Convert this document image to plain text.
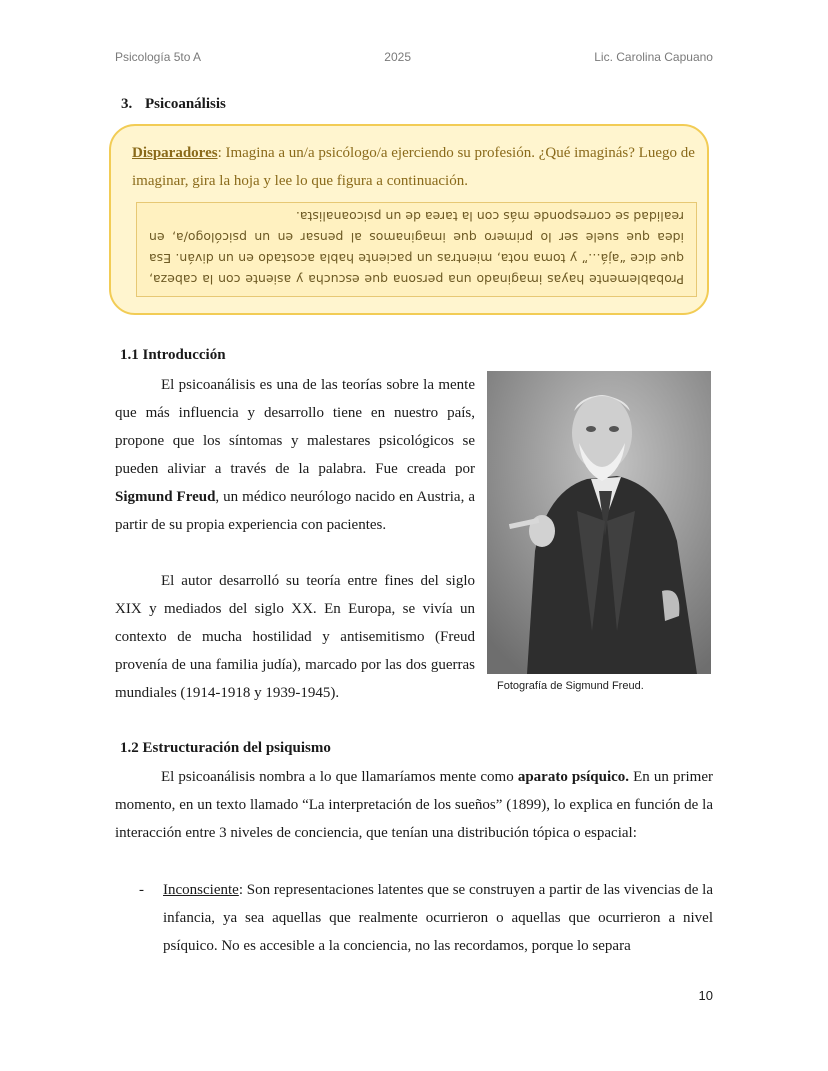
Psicología 5to A	2025	Lic. Carolina Capuano
3. Psicoanálisis
Disparadores: Imagina a un/a psicólogo/a ejerciendo su profesión. ¿Qué imaginás? Luego de imaginar, gira la hoja y lee lo que figura a continuación.
Probablemente hayas imaginado una persona que escucha y asiente con la cabeza, que dice “ajá…” y toma nota, mientras un paciente habla acostado en un diván. Esa idea que suele ser lo primero que imaginamos al pensar en un psicólogo/a, en realidad se corresponde más con la tarea de un psicoanalista.
1.1 Introducción

El psicoanálisis es una de las teorías sobre la mente que más influencia y desarrollo tiene en nuestro país, propone que los síntomas y malestares psicológicos se pueden aliviar a través de la palabra. Fue creada por Sigmund Freud, un médico neurólogo nacido en Austria, a partir de su propia experiencia con pacientes.

El autor desarrolló su teoría entre fines del siglo XIX y mediados del siglo XX. En Europa, se vivía un contexto de mucha hostilidad y antisemitismo (Freud provenía de una familia judía), marcado por las dos guerras mundiales (1914-1918 y 1939-1945).	Fotografía de Sigmund Freud.
1.2 Estructuración del psiquismo

El psicoanálisis nombra a lo que llamaríamos mente como aparato psíquico. En un primer momento, en un texto llamado “La interpretación de los sueños” (1899), lo explica en función de la interacción entre 3 niveles de conciencia, que tenían una distribución tópica o espacial:

- Inconsciente: Son representaciones latentes que se construyen a partir de las vivencias de la infancia, ya sea aquellas que realmente ocurrieron o aquellas que ocurrieron a nivel psíquico. No es accesible a la conciencia, no las recordamos, porque lo separa
10
